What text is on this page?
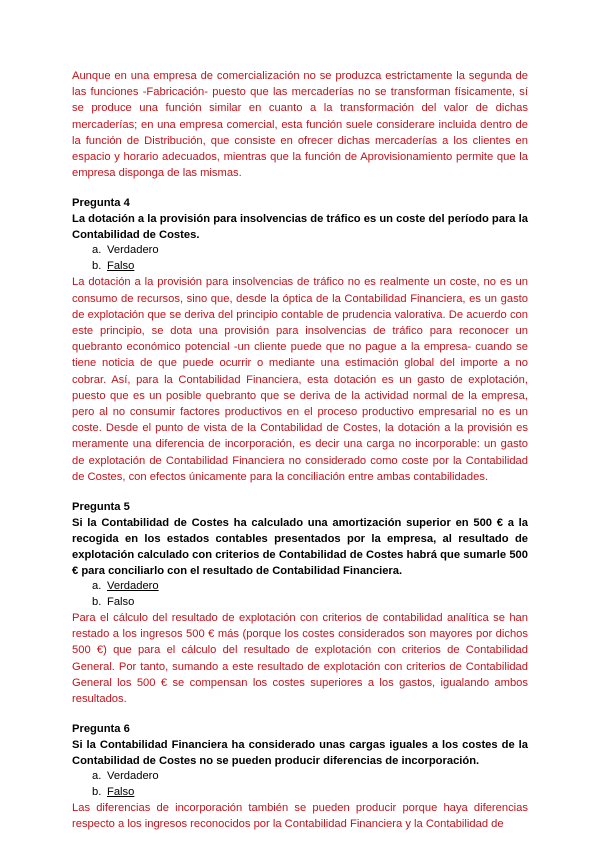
Aunque en una empresa de comercialización no se produzca estrictamente la segunda de las funciones -Fabricación- puesto que las mercaderías no se transforman físicamente, sí se produce una función similar en cuanto a la transformación del valor de dichas mercaderías; en una empresa comercial, esta función suele considerare incluida dentro de la función de Distribución, que consiste en ofrecer dichas mercaderías a los clientes en espacio y horario adecuados, mientras que la función de Aprovisionamiento permite que la empresa disponga de las mismas.

Pregunta 4

La dotación a la provisión para insolvencias de tráfico es un coste del período para la Contabilidad de Costes.

a. Verdadero
b. Falso

La dotación a la provisión para insolvencias de tráfico no es realmente un coste, no es un consumo de recursos, sino que, desde la óptica de la Contabilidad Financiera, es un gasto de explotación que se deriva del principio contable de prudencia valorativa. De acuerdo con este principio, se dota una provisión para insolvencias de tráfico para reconocer un quebranto económico potencial -un cliente puede que no pague a la empresa- cuando se tiene noticia de que puede ocurrir o mediante una estimación global del importe a no cobrar. Así, para la Contabilidad Financiera, esta dotación es un gasto de explotación, puesto que es un posible quebranto que se deriva de la actividad normal de la empresa, pero al no consumir factores productivos en el proceso productivo empresarial no es un coste. Desde el punto de vista de la Contabilidad de Costes, la dotación a la provisión es meramente una diferencia de incorporación, es decir una carga no incorporable: un gasto de explotación de Contabilidad Financiera no considerado como coste por la Contabilidad de Costes, con efectos únicamente para la conciliación entre ambas contabilidades.

Pregunta 5

Si la Contabilidad de Costes ha calculado una amortización superior en 500 € a la recogida en los estados contables presentados por la empresa, al resultado de explotación calculado con criterios de Contabilidad de Costes habrá que sumarle 500 € para conciliarlo con el resultado de Contabilidad Financiera.

a. Verdadero
b. Falso

Para el cálculo del resultado de explotación con criterios de contabilidad analítica se han restado a los ingresos 500 € más (porque los costes considerados son mayores por dichos 500 €) que para el cálculo del resultado de explotación con criterios de Contabilidad General. Por tanto, sumando a este resultado de explotación con criterios de Contabilidad General los 500 € se compensan los costes superiores a los gastos, igualando ambos resultados.

Pregunta 6

Si la Contabilidad Financiera ha considerado unas cargas iguales a los costes de la Contabilidad de Costes no se pueden producir diferencias de incorporación.

a. Verdadero
b. Falso

Las diferencias de incorporación también se pueden producir porque haya diferencias respecto a los ingresos reconocidos por la Contabilidad Financiera y la Contabilidad de
